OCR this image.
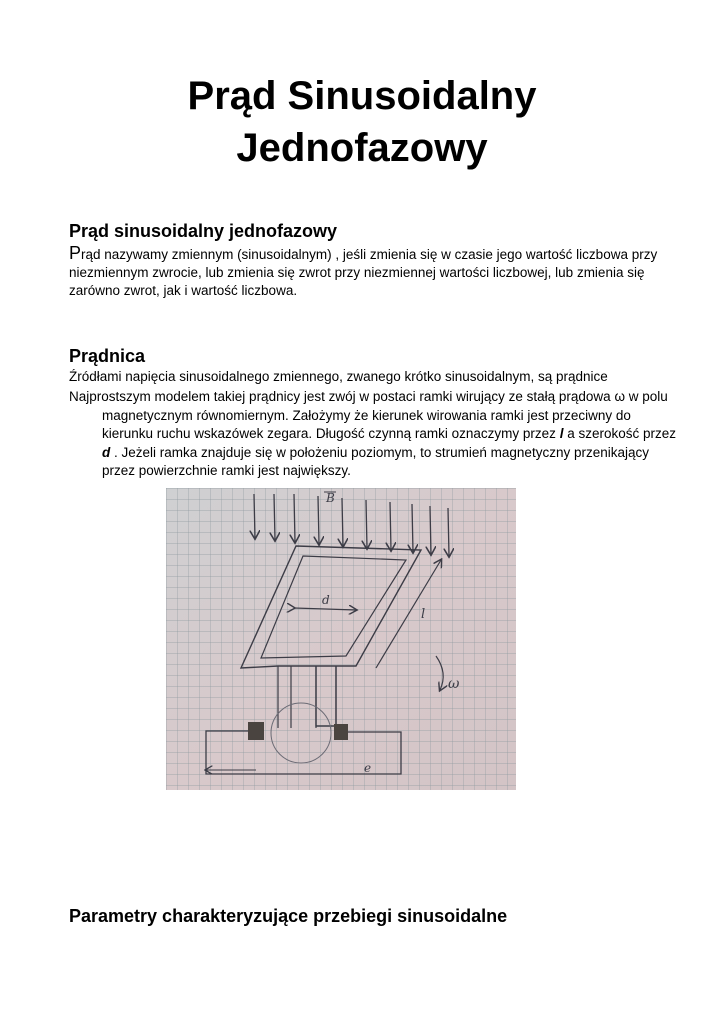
Prąd Sinusoidalny
Jednofazowy
Prąd sinusoidalny jednofazowy

Prąd nazywamy zmiennym (sinusoidalnym) , jeśli zmienia się w czasie jego wartość liczbowa przy niezmiennym zwrocie, lub zmienia się zwrot przy niezmiennej wartości liczbowej, lub zmienia się zarówno zwrot, jak i wartość liczbowa.

Prądnica

Źródłami napięcia sinusoidalnego zmiennego, zwanego krótko sinusoidalnym, są prądnice

Najprostszym modelem takiej prądnicy jest zwój w postaci ramki wirujący ze stałą prądowa ω w polu magnetycznym równomiernym. Założymy że kierunek wirowania ramki jest przeciwny do kierunku ruchu wskazówek zegara. Długość czynną ramki oznaczymy przez l a szerokość przez d . Jeżeli ramka znajduje się w położeniu poziomym, to strumień magnetyczny przenikający przez powierzchnie ramki jest największy.

B
d
l
ω
e
Parametry charakteryzujące przebiegi sinusoidalne
